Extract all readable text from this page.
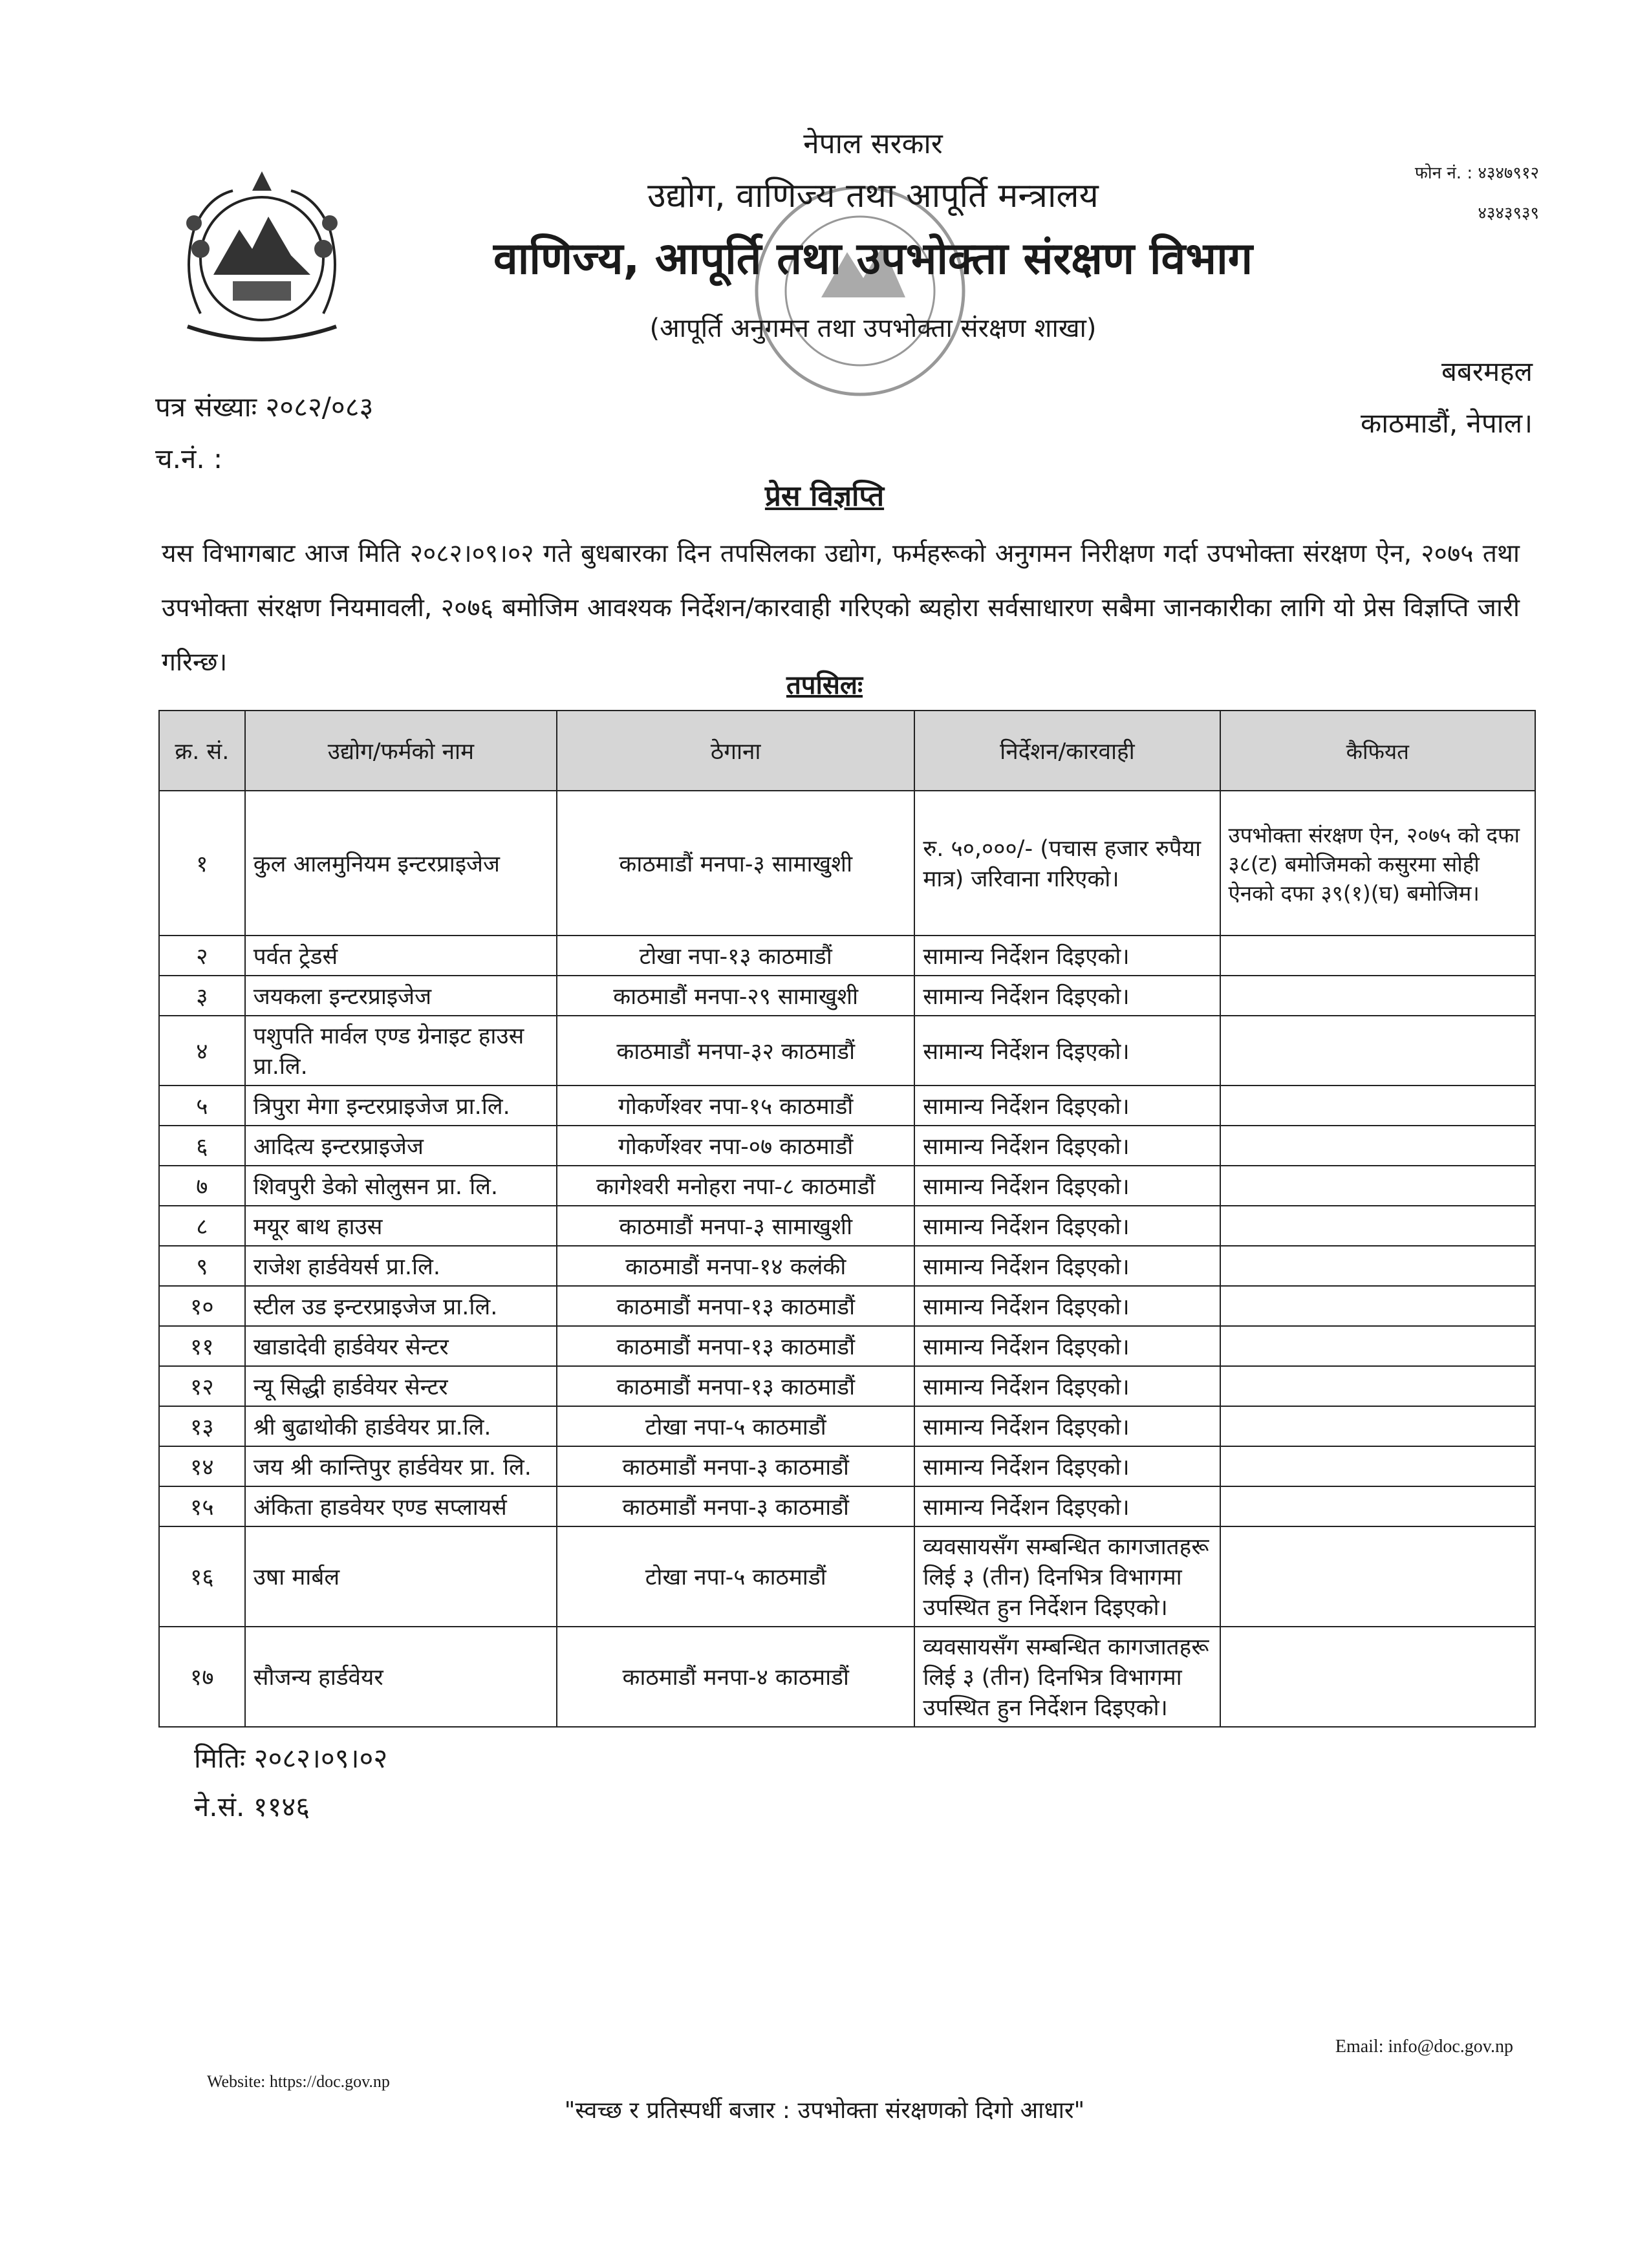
नेपाल सरकार
उद्योग, वाणिज्य तथा आपूर्ति मन्त्रालय
वाणिज्य, आपूर्ति तथा उपभोक्ता संरक्षण विभाग
(आपूर्ति अनुगमन तथा उपभोक्ता संरक्षण शाखा)
फोन नं. : ४३४७९१२
४३४३९३९
बबरमहल
काठमाडौं, नेपाल।
पत्र संख्याः २०८२/०८३
च.नं. :
प्रेस विज्ञप्ति

यस विभागबाट आज मिति २०८२।०९।०२ गते बुधबारका दिन तपसिलका उद्योग, फर्महरूको अनुगमन निरीक्षण गर्दा उपभोक्ता संरक्षण ऐन, २०७५ तथा उपभोक्ता संरक्षण नियमावली, २०७६ बमोजिम आवश्यक निर्देशन/कारवाही गरिएको ब्यहोरा सर्वसाधारण सबैमा जानकारीका लागि यो प्रेस विज्ञप्ति जारी गरिन्छ।

तपसिलः
क्र. सं.	उद्योग/फर्मको नाम	ठेगाना	निर्देशन/कारवाही	कैफियत
१	कुल आलमुनियम इन्टरप्राइजेज	काठमाडौं मनपा-३ सामाखुशी	रु. ५०,०००/- (पचास हजार रुपैया मात्र) जरिवाना गरिएको।	उपभोक्ता संरक्षण ऐन, २०७५ को दफा ३८(ट) बमोजिमको कसुरमा सोही ऐनको दफा ३९(१)(घ) बमोजिम।
२	पर्वत ट्रेडर्स	टोखा नपा-१३ काठमाडौं	सामान्य निर्देशन दिइएको।	
३	जयकला इन्टरप्राइजेज	काठमाडौं मनपा-२९ सामाखुशी	सामान्य निर्देशन दिइएको।	
४	पशुपति मार्वल एण्ड ग्रेनाइट हाउस प्रा.लि.	काठमाडौं मनपा-३२ काठमाडौं	सामान्य निर्देशन दिइएको।	
५	त्रिपुरा मेगा इन्टरप्राइजेज प्रा.लि.	गोकर्णेश्वर नपा-१५ काठमाडौं	सामान्य निर्देशन दिइएको।	
६	आदित्य इन्टरप्राइजेज	गोकर्णेश्वर नपा-०७ काठमाडौं	सामान्य निर्देशन दिइएको।	
७	शिवपुरी डेको सोलुसन प्रा. लि.	कागेश्वरी मनोहरा नपा-८ काठमाडौं	सामान्य निर्देशन दिइएको।	
८	मयूर बाथ हाउस	काठमाडौं मनपा-३ सामाखुशी	सामान्य निर्देशन दिइएको।	
९	राजेश हार्डवेयर्स प्रा.लि.	काठमाडौं मनपा-१४ कलंकी	सामान्य निर्देशन दिइएको।	
१०	स्टील उड इन्टरप्राइजेज प्रा.लि.	काठमाडौं मनपा-१३ काठमाडौं	सामान्य निर्देशन दिइएको।	
११	खाडादेवी हार्डवेयर सेन्टर	काठमाडौं मनपा-१३ काठमाडौं	सामान्य निर्देशन दिइएको।	
१२	न्यू सिद्धी हार्डवेयर सेन्टर	काठमाडौं मनपा-१३ काठमाडौं	सामान्य निर्देशन दिइएको।	
१३	श्री बुढाथोकी हार्डवेयर प्रा.लि.	टोखा नपा-५ काठमाडौं	सामान्य निर्देशन दिइएको।	
१४	जय श्री कान्तिपुर हार्डवेयर प्रा. लि.	काठमाडौं मनपा-३ काठमाडौं	सामान्य निर्देशन दिइएको।	
१५	अंकिता हाडवेयर एण्ड सप्लायर्स	काठमाडौं मनपा-३ काठमाडौं	सामान्य निर्देशन दिइएको।	
१६	उषा मार्बल	टोखा नपा-५ काठमाडौं	व्यवसायसँग सम्बन्धित कागजातहरू लिई ३ (तीन) दिनभित्र विभागमा उपस्थित हुन निर्देशन दिइएको।	
१७	सौजन्य हार्डवेयर	काठमाडौं मनपा-४ काठमाडौं	व्यवसायसँग सम्बन्धित कागजातहरू लिई ३ (तीन) दिनभित्र विभागमा उपस्थित हुन निर्देशन दिइएको।	
मितिः २०८२।०९।०२
ने.सं. ११४६
Website: https://doc.gov.np
Email: info@doc.gov.np
"स्वच्छ र प्रतिस्पर्धी बजार : उपभोक्ता संरक्षणको दिगो आधार"
